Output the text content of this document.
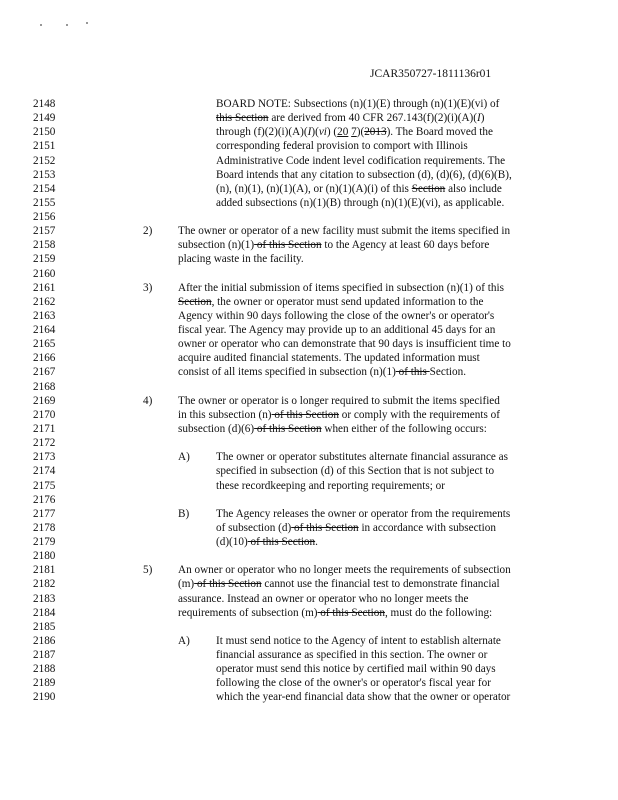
JCAR350727-1811136r01
2148	BOARD NOTE: Subsections (n)(1)(E) through (n)(1)(E)(vi) of
2149	this Section are derived from 40 CFR 267.143(f)(2)(i)(A)(I)
2150	through (f)(2)(i)(A)(I)(vi) (20 7)(2013). The Board moved the
2151	corresponding federal provision to comport with Illinois
2152	Administrative Code indent level codification requirements. The
2153	Board intends that any citation to subsection (d), (d)(6), (d)(6)(B),
2154	(n), (n)(1), (n)(1)(A), or (n)(1)(A)(i) of this Section also include
2155	added subsections (n)(1)(B) through (n)(1)(E)(vi), as applicable.
2156
2157	2) The owner or operator of a new facility must submit the items specified in
2158	subsection (n)(1) of this Section to the Agency at least 60 days before
2159	placing waste in the facility.
2160
2161	3) After the initial submission of items specified in subsection (n)(1) of this
2162	Section, the owner or operator must send updated information to the
2163	Agency within 90 days following the close of the owner's or operator's
2164	fiscal year. The Agency may provide up to an additional 45 days for an
2165	owner or operator who can demonstrate that 90 days is insufficient time to
2166	acquire audited financial statements. The updated information must
2167	consist of all items specified in subsection (n)(1) of this Section.
2168
2169	4) The owner or operator is o longer required to submit the items specified
2170	in this subsection (n) of this Section or comply with the requirements of
2171	subsection (d)(6) of this Section when either of the following occurs:
2172
2173	A) The owner or operator substitutes alternate financial assurance as
2174	specified in subsection (d) of this Section that is not subject to
2175	these recordkeeping and reporting requirements; or
2176
2177	B) The Agency releases the owner or operator from the requirements
2178	of subsection (d) of this Section in accordance with subsection
2179	(d)(10) of this Section.
2180
2181	5) An owner or operator who no longer meets the requirements of subsection
2182	(m) of this Section cannot use the financial test to demonstrate financial
2183	assurance. Instead an owner or operator who no longer meets the
2184	requirements of subsection (m) of this Section, must do the following:
2185
2186	A) It must send notice to the Agency of intent to establish alternate
2187	financial assurance as specified in this section. The owner or
2188	operator must send this notice by certified mail within 90 days
2189	following the close of the owner's or operator's fiscal year for
2190	which the year-end financial data show that the owner or operator
